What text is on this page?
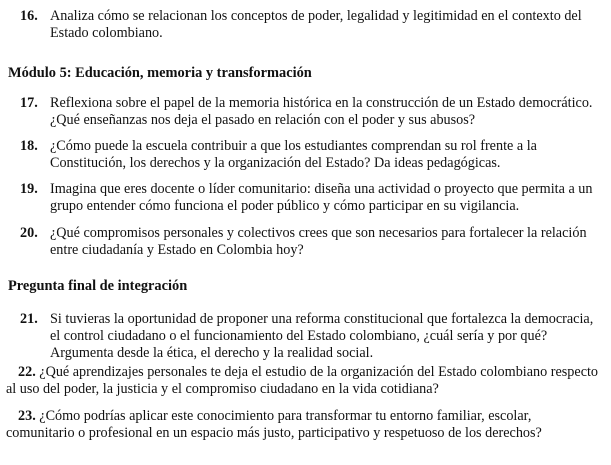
16. Analiza cómo se relacionan los conceptos de poder, legalidad y legitimidad en el contexto del
Estado colombiano.
Módulo 5: Educación, memoria y transformación
17. Reflexiona sobre el papel de la memoria histórica en la construcción de un Estado democrático.
¿Qué enseñanzas nos deja el pasado en relación con el poder y sus abusos?
18. ¿Cómo puede la escuela contribuir a que los estudiantes comprendan su rol frente a la
Constitución, los derechos y la organización del Estado? Da ideas pedagógicas.
19. Imagina que eres docente o líder comunitario: diseña una actividad o proyecto que permita a un
grupo entender cómo funciona el poder público y cómo participar en su vigilancia.
20. ¿Qué compromisos personales y colectivos crees que son necesarios para fortalecer la relación
entre ciudadanía y Estado en Colombia hoy?
Pregunta final de integración
21. Si tuvieras la oportunidad de proponer una reforma constitucional que fortalezca la democracia,
el control ciudadano o el funcionamiento del Estado colombiano, ¿cuál sería y por qué?
Argumenta desde la ética, el derecho y la realidad social.
22. ¿Qué aprendizajes personales te deja el estudio de la organización del Estado colombiano respecto
al uso del poder, la justicia y el compromiso ciudadano en la vida cotidiana?
23. ¿Cómo podrías aplicar este conocimiento para transformar tu entorno familiar, escolar,
comunitario o profesional en un espacio más justo, participativo y respetuoso de los derechos?
